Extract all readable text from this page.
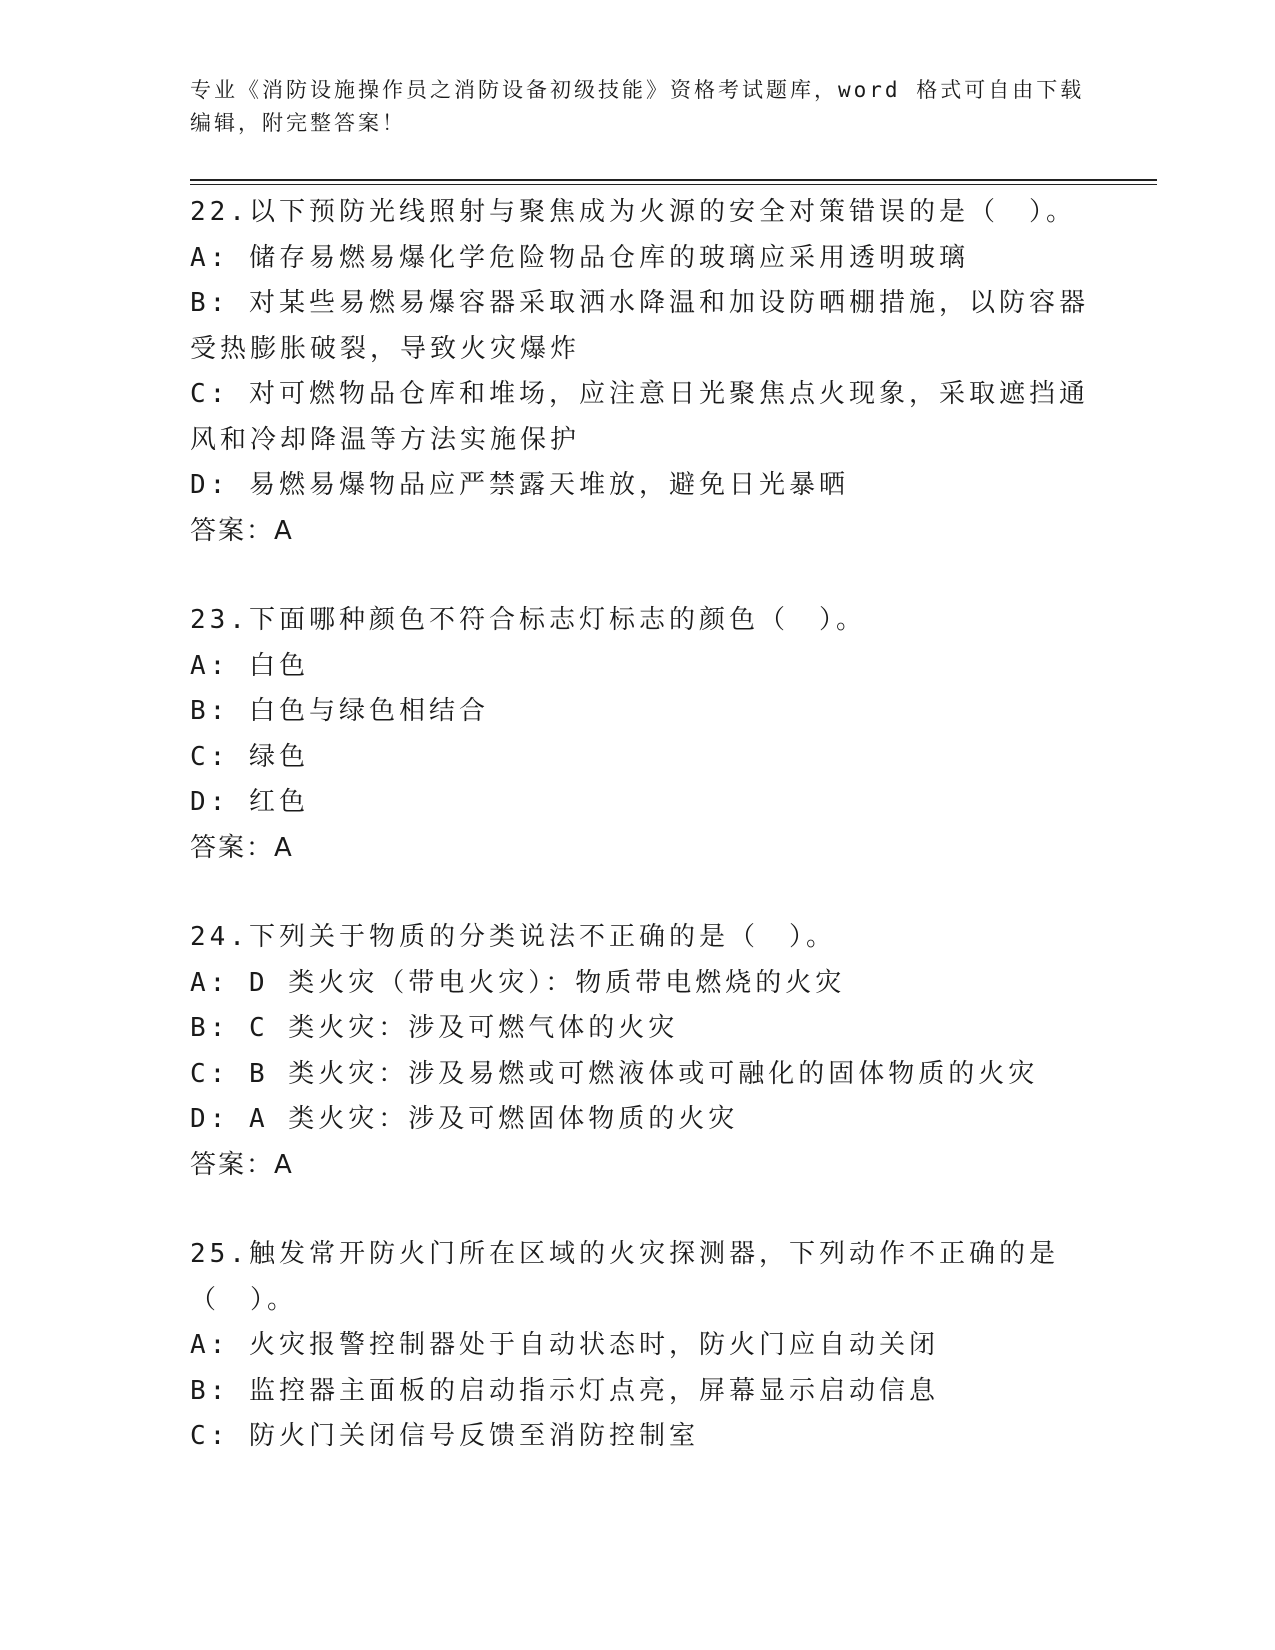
专业《消防设施操作员之消防设备初级技能》资格考试题库，word 格式可自由下载编辑，附完整答案！
22.以下预防光线照射与聚焦成为火源的安全对策错误的是（　）。
A: 储存易燃易爆化学危险物品仓库的玻璃应采用透明玻璃
B: 对某些易燃易爆容器采取洒水降温和加设防晒棚措施，以防容器受热膨胀破裂，导致火灾爆炸
C: 对可燃物品仓库和堆场，应注意日光聚焦点火现象，采取遮挡通风和冷却降温等方法实施保护
D: 易燃易爆物品应严禁露天堆放，避免日光暴晒
答案：A
23.下面哪种颜色不符合标志灯标志的颜色（　）。
A: 白色
B: 白色与绿色相结合
C: 绿色
D: 红色
答案：A
24.下列关于物质的分类说法不正确的是（　）。
A: D 类火灾（带电火灾）：物质带电燃烧的火灾
B: C 类火灾：涉及可燃气体的火灾
C: B 类火灾：涉及易燃或可燃液体或可融化的固体物质的火灾
D: A 类火灾：涉及可燃固体物质的火灾
答案：A
25.触发常开防火门所在区域的火灾探测器，下列动作不正确的是（　）。
A: 火灾报警控制器处于自动状态时，防火门应自动关闭
B: 监控器主面板的启动指示灯点亮，屏幕显示启动信息
C: 防火门关闭信号反馈至消防控制室
